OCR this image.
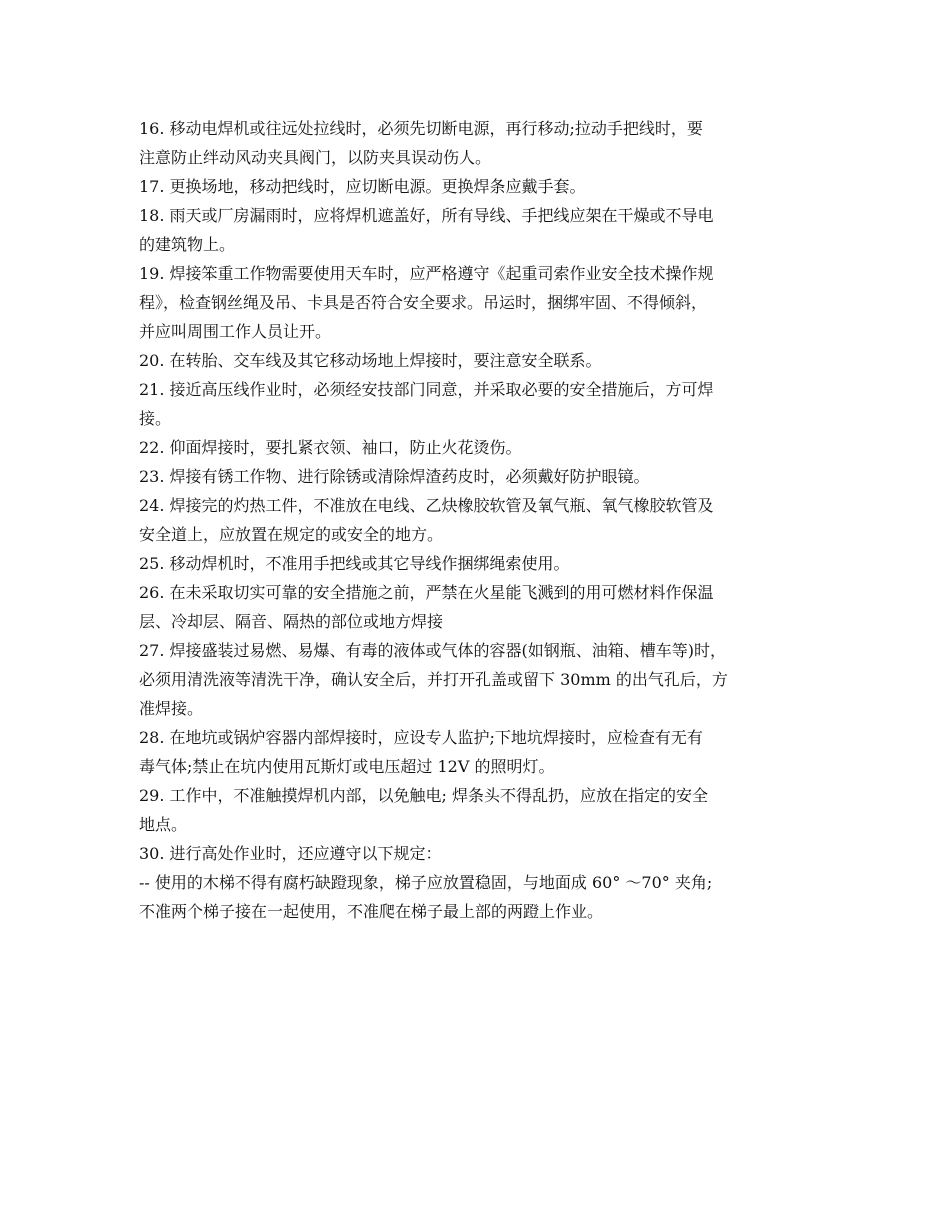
16. 移动电焊机或往远处拉线时，必须先切断电源，再行移动;拉动手把线时，要
注意防止绊动风动夹具阀门，以防夹具误动伤人。
17. 更换场地，移动把线时，应切断电源。更换焊条应戴手套。
18. 雨天或厂房漏雨时，应将焊机遮盖好，所有导线、手把线应架在干燥或不导电
的建筑物上。
19. 焊接笨重工作物需要使用天车时，应严格遵守《起重司索作业安全技术操作规
程》，检查钢丝绳及吊、卡具是否符合安全要求。吊运时，捆绑牢固、不得倾斜，
并应叫周围工作人员让开。
20. 在转胎、交车线及其它移动场地上焊接时，要注意安全联系。
21. 接近高压线作业时，必须经安技部门同意，并采取必要的安全措施后，方可焊
接。
22. 仰面焊接时，要扎紧衣领、袖口，防止火花烫伤。
23. 焊接有锈工作物、进行除锈或清除焊渣药皮时，必须戴好防护眼镜。
24. 焊接完的灼热工件，不准放在电线、乙炔橡胶软管及氧气瓶、氧气橡胶软管及
安全道上，应放置在规定的或安全的地方。
25. 移动焊机时，不准用手把线或其它导线作捆绑绳索使用。
26. 在未采取切实可靠的安全措施之前，严禁在火星能飞溅到的用可燃材料作保温
层、冷却层、隔音、隔热的部位或地方焊接
27. 焊接盛装过易燃、易爆、有毒的液体或气体的容器(如钢瓶、油箱、槽车等)时，
必须用清洗液等清洗干净，确认安全后，并打开孔盖或留下 30mm 的出气孔后，方
准焊接。
28. 在地坑或锅炉容器内部焊接时，应设专人监护;下地坑焊接时，应检查有无有
毒气体;禁止在坑内使用瓦斯灯或电压超过 12V 的照明灯。
29. 工作中，不准触摸焊机内部，以免触电; 焊条头不得乱扔，应放在指定的安全
地点。
30. 进行高处作业时，还应遵守以下规定：
-- 使用的木梯不得有腐朽缺蹬现象，梯子应放置稳固，与地面成 60° ～70° 夹角;
不准两个梯子接在一起使用，不准爬在梯子最上部的两蹬上作业。
